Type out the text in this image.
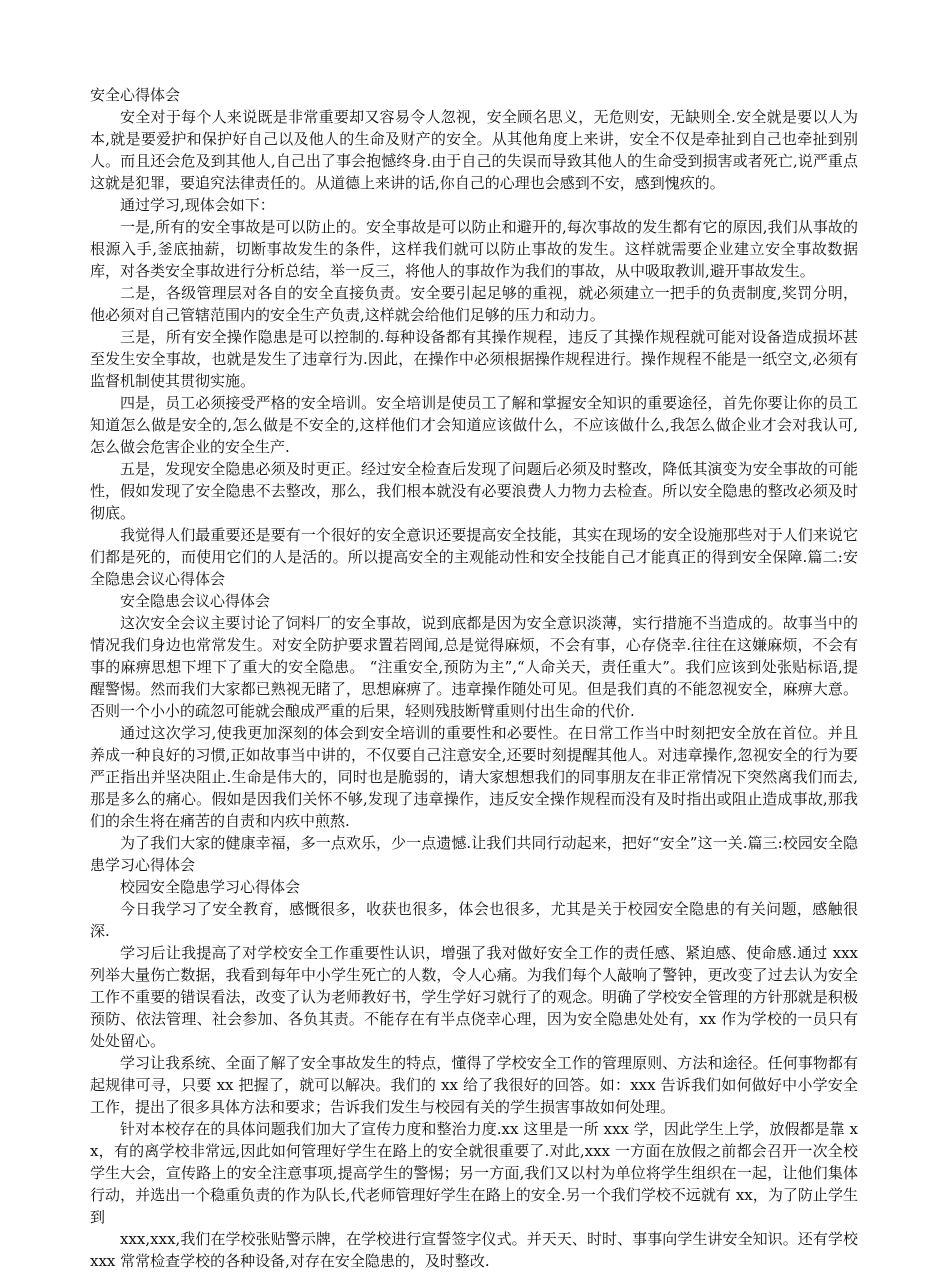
安全心得体会

安全对于每个人来说既是非常重要却又容易令人忽视，安全顾名思义，无危则安，无缺则全.安全就是要以人为本,就是要爱护和保护好自己以及他人的生命及财产的安全。从其他角度上来讲，安全不仅是牵扯到自己也牵扯到别人。而且还会危及到其他人,自己出了事会抱憾终身.由于自己的失误而导致其他人的生命受到损害或者死亡,说严重点这就是犯罪，要追究法律责任的。从道德上来讲的话,你自己的心理也会感到不安，感到愧疚的。

通过学习,现体会如下：

一是,所有的安全事故是可以防止的。安全事故是可以防止和避开的,每次事故的发生都有它的原因,我们从事故的根源入手,釜底抽薪，切断事故发生的条件，这样我们就可以防止事故的发生。这样就需要企业建立安全事故数据库，对各类安全事故进行分析总结，举一反三，将他人的事故作为我们的事故，从中吸取教训,避开事故发生。

二是，各级管理层对各自的安全直接负责。安全要引起足够的重视，就必须建立一把手的负责制度,奖罚分明，他必须对自己管辖范围内的安全生产负责,这样就会给他们足够的压力和动力。

三是，所有安全操作隐患是可以控制的.每种设备都有其操作规程，违反了其操作规程就可能对设备造成损坏甚至发生安全事故，也就是发生了违章行为.因此，在操作中必须根据操作规程进行。操作规程不能是一纸空文,必须有监督机制使其贯彻实施。

四是，员工必须接受严格的安全培训。安全培训是使员工了解和掌握安全知识的重要途径，首先你要让你的员工知道怎么做是安全的,怎么做是不安全的,这样他们才会知道应该做什么，不应该做什么,我怎么做企业才会对我认可,怎么做会危害企业的安全生产.

五是，发现安全隐患必须及时更正。经过安全检查后发现了问题后必须及时整改，降低其演变为安全事故的可能性，假如发现了安全隐患不去整改，那么，我们根本就没有必要浪费人力物力去检查。所以安全隐患的整改必须及时彻底。

我觉得人们最重要还是要有一个很好的安全意识还要提高安全技能，其实在现场的安全设施那些对于人们来说它们都是死的，而使用它们的人是活的。所以提高安全的主观能动性和安全技能自己才能真正的得到安全保障.篇二:安全隐患会议心得体会

安全隐患会议心得体会

这次安全会议主要讨论了饲料厂的安全事故，说到底都是因为安全意识淡薄，实行措施不当造成的。故事当中的情况我们身边也常常发生。对安全防护要求置若罔闻,总是觉得麻烦，不会有事，心存侥幸.往往在这嫌麻烦，不会有事的麻痹思想下埋下了重大的安全隐患。 “注重安全,预防为主”,“人命关天，责任重大”。我们应该到处张贴标语,提醒警惕。然而我们大家都已熟视无睹了，思想麻痹了。违章操作随处可见。但是我们真的不能忽视安全，麻痹大意。否则一个小小的疏忽可能就会酿成严重的后果，轻则残肢断臂重则付出生命的代价.

通过这次学习,使我更加深刻的体会到安全培训的重要性和必要性。在日常工作当中时刻把安全放在首位。并且养成一种良好的习惯,正如故事当中讲的，不仅要自己注意安全,还要时刻提醒其他人。对违章操作,忽视安全的行为要严正指出并坚决阻止.生命是伟大的，同时也是脆弱的，请大家想想我们的同事朋友在非正常情况下突然离我们而去,那是多么的痛心。假如是因我们关怀不够,发现了违章操作，违反安全操作规程而没有及时指出或阻止造成事故,那我们的余生将在痛苦的自责和内疚中煎熬.

为了我们大家的健康幸福，多一点欢乐，少一点遗憾.让我们共同行动起来，把好“安全”这一关.篇三:校园安全隐患学习心得体会

校园安全隐患学习心得体会

今日我学习了安全教育，感慨很多，收获也很多，体会也很多，尤其是关于校园安全隐患的有关问题，感触很深.

学习后让我提高了对学校安全工作重要性认识，增强了我对做好安全工作的责任感、紧迫感、使命感.通过 xxx 列举大量伤亡数据，我看到每年中小学生死亡的人数，令人心痛。为我们每个人敲响了警钟，更改变了过去认为安全工作不重要的错误看法，改变了认为老师教好书，学生学好习就行了的观念。明确了学校安全管理的方针那就是积极预防、依法管理、社会参加、各负其责。不能存在有半点侥幸心理，因为安全隐患处处有，xx 作为学校的一员只有处处留心。

学习让我系统、全面了解了安全事故发生的特点，懂得了学校安全工作的管理原则、方法和途径。任何事物都有起规律可寻，只要 xx 把握了，就可以解决。我们的 xx 给了我很好的回答。如：xxx 告诉我们如何做好中小学安全工作，提出了很多具体方法和要求；告诉我们发生与校园有关的学生损害事故如何处理。

针对本校存在的具体问题我们加大了宣传力度和整治力度.xx 这里是一所 xxx 学，因此学生上学，放假都是靠 xx，有的离学校非常远,因此如何管理好学生在路上的安全就很重要了.对此,xxx 一方面在放假之前都会召开一次全校学生大会，宣传路上的安全注意事项,提高学生的警惕；另一方面,我们又以村为单位将学生组织在一起，让他们集体行动，并选出一个稳重负责的作为队长,代老师管理好学生在路上的安全.另一个我们学校不远就有 xx，为了防止学生到

xxx,xxx,我们在学校张贴警示牌，在学校进行宣誓签字仪式。并天天、时时、事事向学生讲安全知识。还有学校 xxx 常常检查学校的各种设备,对存在安全隐患的，及时整改.
